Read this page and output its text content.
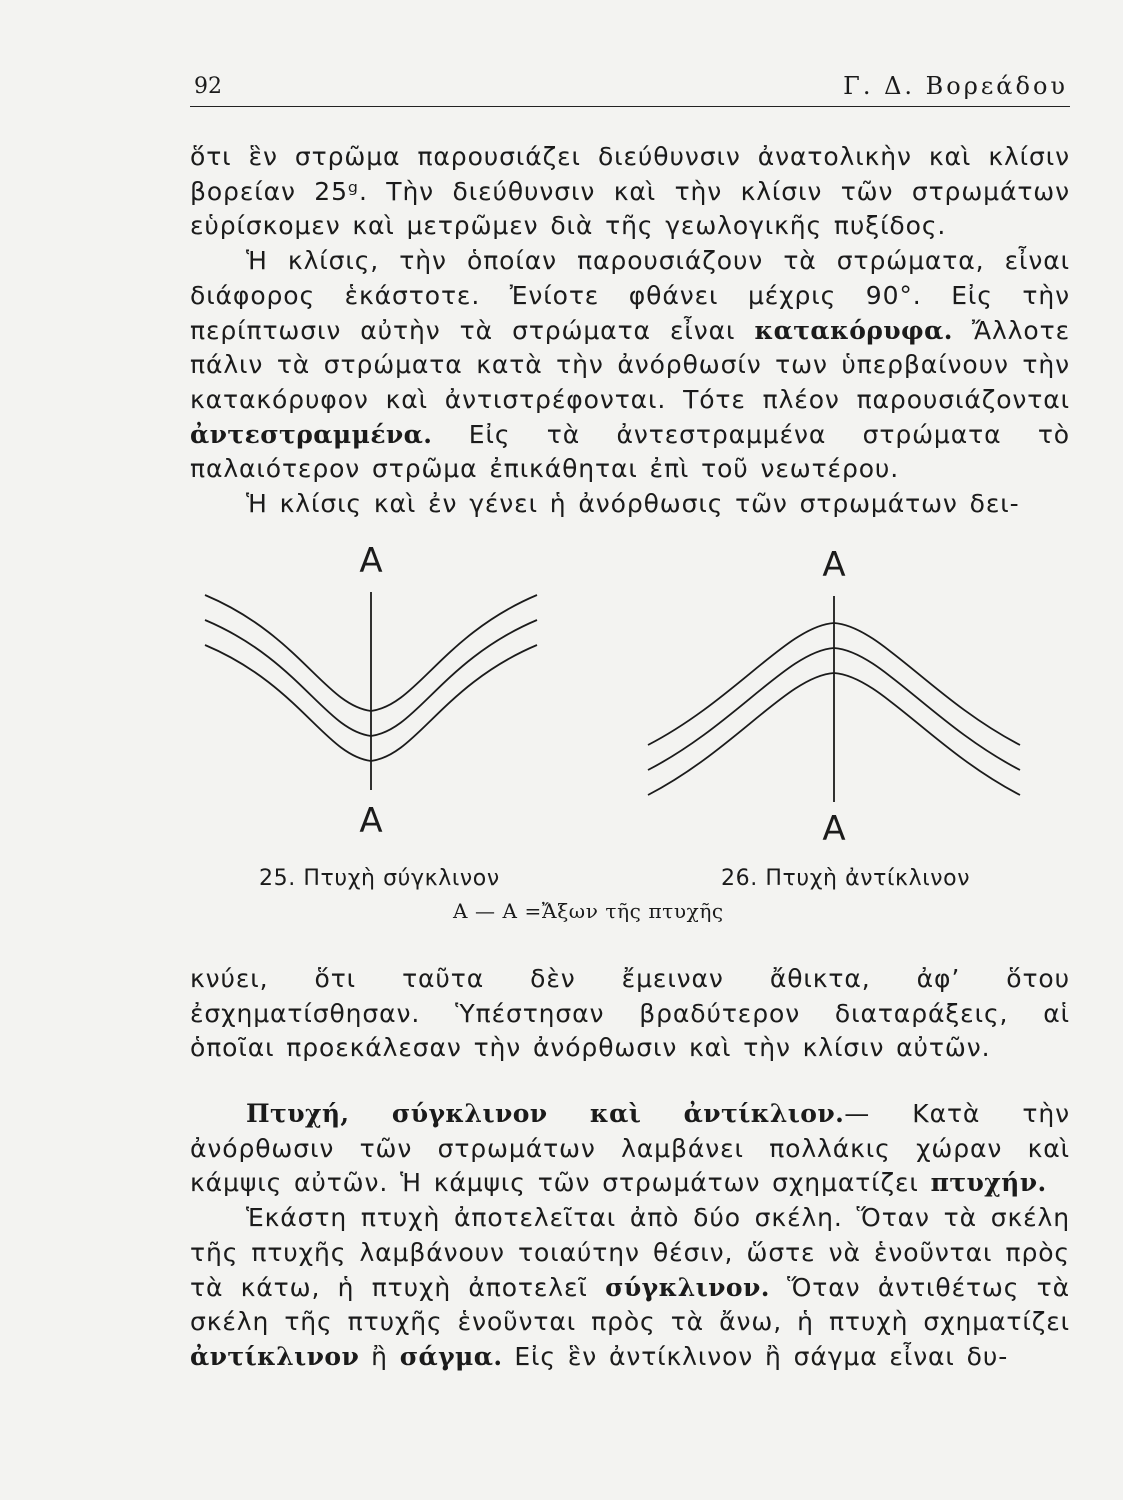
92	Γ. Δ. Βορεάδου

ὅτι ἓν στρῶμα παρουσιάζει διεύθυνσιν ἀνατολικὴν καὶ κλίσιν βορείαν 25ᵍ. Τὴν διεύθυνσιν καὶ τὴν κλίσιν τῶν στρωμάτων εὑρίσκομεν καὶ μετρῶμεν διὰ τῆς γεωλογικῆς πυξίδος.

Ἡ κλίσις, τὴν ὁποίαν παρουσιάζουν τὰ στρώματα, εἶναι διάφορος ἑκάστοτε. Ἐνίοτε φθάνει μέχρις 90°. Εἰς τὴν περίπτωσιν αὐτὴν τὰ στρώματα εἶναι κατακόρυφα. Ἄλλοτε πάλιν τὰ στρώματα κατὰ τὴν ἀνόρθωσίν των ὑπερβαίνουν τὴν κατακόρυφον καὶ ἀντιστρέφονται. Τότε πλέον παρουσιάζονται ἀντεστραμμένα. Εἰς τὰ ἀντεστραμμένα στρώματα τὸ παλαιότερον στρῶμα ἐπικάθηται ἐπὶ τοῦ νεωτέρου.

Ἡ κλίσις καὶ ἐν γένει ἡ ἀνόρθωσις τῶν στρωμάτων δει-

A
A
A
A
25. Πτυχὴ σύγκλινον	26. Πτυχὴ ἀντίκλινον
Α — Α =Ἄξων τῆς πτυχῆς

κνύει, ὅτι ταῦτα δὲν ἔμειναν ἄθικτα, ἀφ’ ὅτου ἐσχηματίσθησαν. Ὑπέστησαν βραδύτερον διαταράξεις, αἱ ὁποῖαι προεκάλεσαν τὴν ἀνόρθωσιν καὶ τὴν κλίσιν αὐτῶν.

Πτυχή, σύγκλινον καὶ ἀντίκλιον.— Κατὰ τὴν ἀνόρθωσιν τῶν στρωμάτων λαμβάνει πολλάκις χώραν καὶ κάμψις αὐτῶν. Ἡ κάμψις τῶν στρωμάτων σχηματίζει πτυχήν.

Ἑκάστη πτυχὴ ἀποτελεῖται ἀπὸ δύο σκέλη. Ὅταν τὰ σκέλη τῆς πτυχῆς λαμβάνουν τοιαύτην θέσιν, ὥστε νὰ ἑνοῦνται πρὸς τὰ κάτω, ἡ πτυχὴ ἀποτελεῖ σύγκλινον. Ὅταν ἀντιθέτως τὰ σκέλη τῆς πτυχῆς ἑνοῦνται πρὸς τὰ ἄνω, ἡ πτυχὴ σχηματίζει ἀντίκλινον ἢ σάγμα. Εἰς ἓν ἀντίκλινον ἢ σάγμα εἶναι δυ-
